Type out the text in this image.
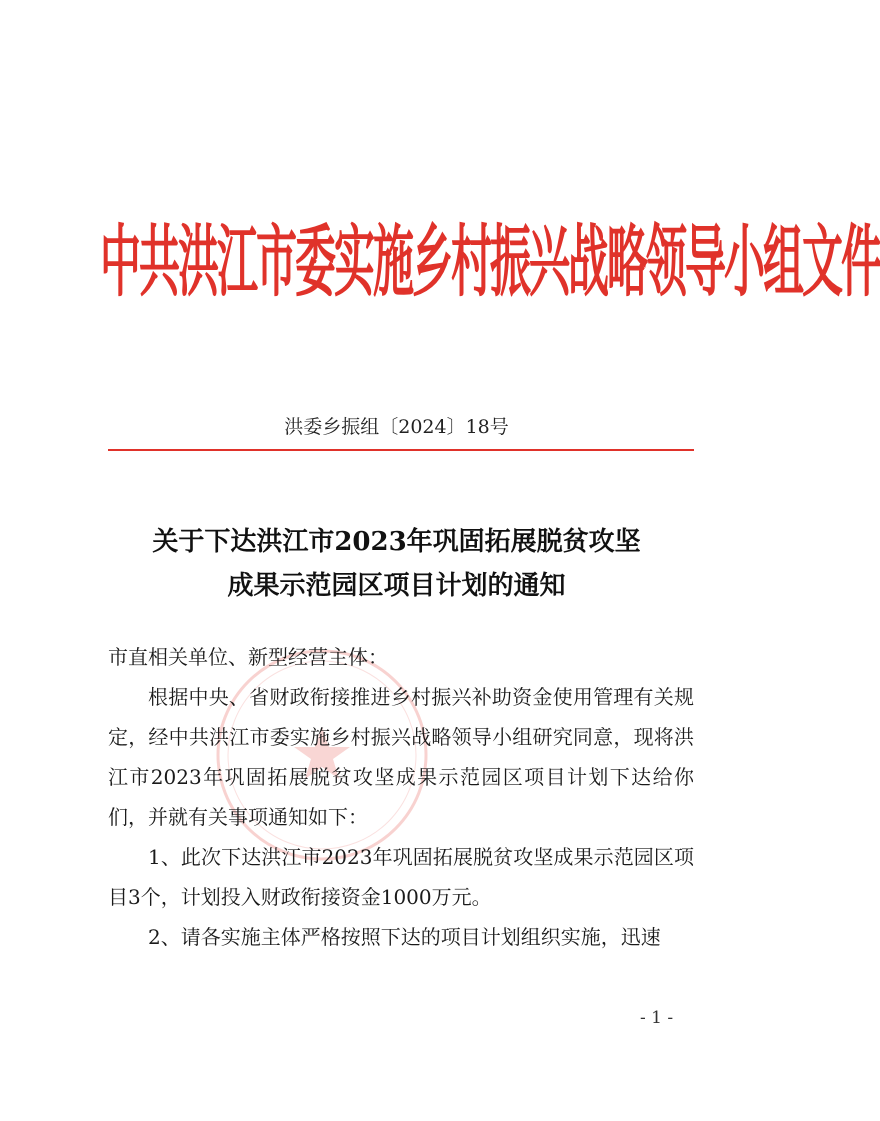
中共洪江市委实施乡村振兴战略领导小组文件
洪委乡振组〔2024〕18号
关于下达洪江市2023年巩固拓展脱贫攻坚
成果示范园区项目计划的通知

市直相关单位、新型经营主体：

根据中央、省财政衔接推进乡村振兴补助资金使用管理有关规定，经中共洪江市委实施乡村振兴战略领导小组研究同意，现将洪江市2023年巩固拓展脱贫攻坚成果示范园区项目计划下达给你们，并就有关事项通知如下：

1、此次下达洪江市2023年巩固拓展脱贫攻坚成果示范园区项目3个，计划投入财政衔接资金1000万元。

2、请各实施主体严格按照下达的项目计划组织实施，迅速

- 1 -
